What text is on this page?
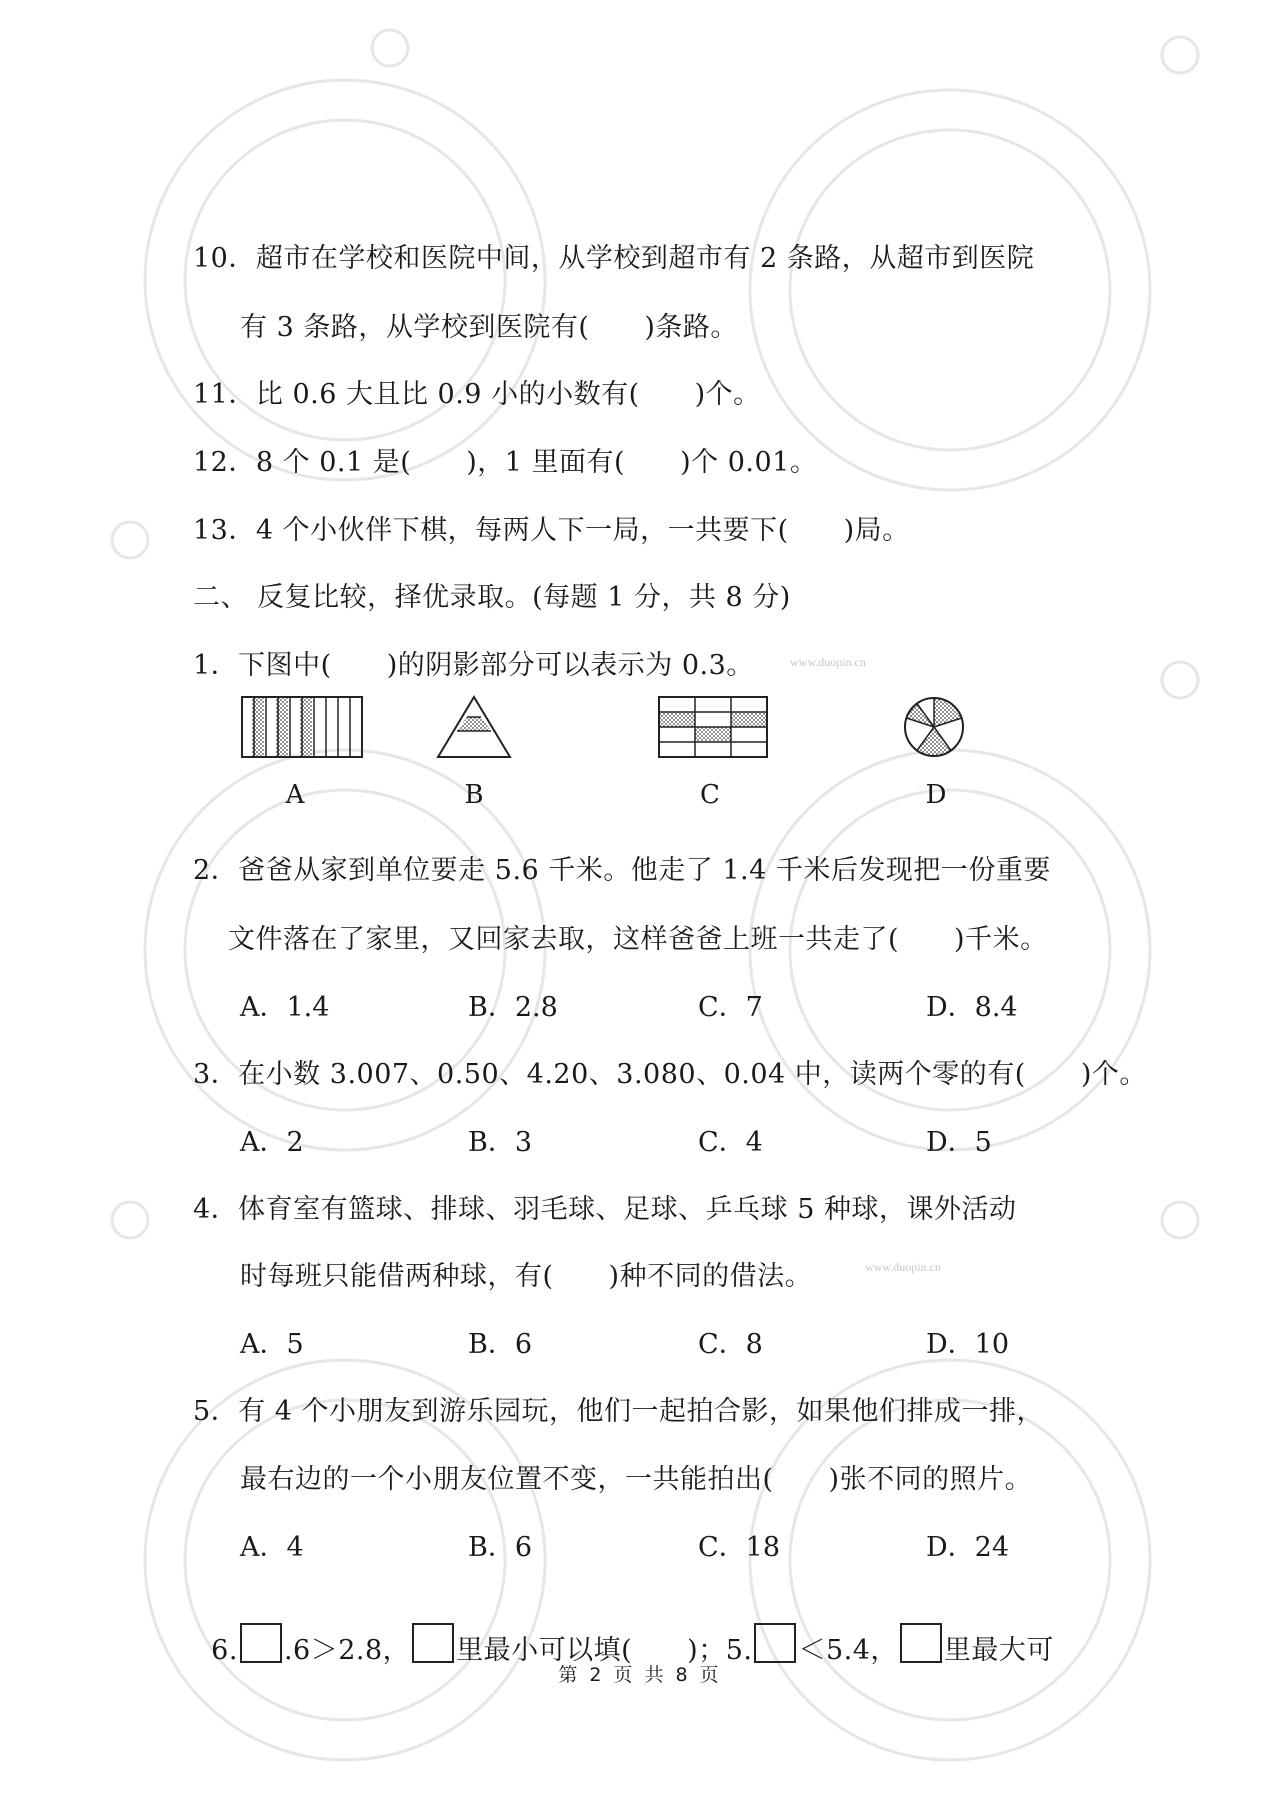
www.duopin.cn
www.duopin.cn
10．超市在学校和医院中间，从学校到超市有 2 条路，从超市到医院
有 3 条路，从学校到医院有(　　)条路。
11．比 0.6 大且比 0.9 小的小数有(　　)个。
12．8 个 0.1 是(　　)，1 里面有(　　)个 0.01。
13．4 个小伙伴下棋，每两人下一局，一共要下(　　)局。
二、 反复比较，择优录取。(每题 1 分，共 8 分)
1．下图中(　　)的阴影部分可以表示为 0.3。
A	B	C	D
2．爸爸从家到单位要走 5.6 千米。他走了 1.4 千米后发现把一份重要
文件落在了家里，又回家去取，这样爸爸上班一共走了(　　)千米。
3．在小数 3.007、0.50、4.20、3.080、0.04 中，读两个零的有(　　)个。
4．体育室有篮球、排球、羽毛球、足球、乒乓球 5 种球，课外活动
时每班只能借两种球，有(　　)种不同的借法。
5．有 4 个小朋友到游乐园玩，他们一起拍合影，如果他们排成一排，
最右边的一个小朋友位置不变，一共能拍出(　　)张不同的照片。
A．1.4	B．2.8	C．7	D．8.4
A．2	B．3	C．4	D．5
A．5	B．6	C．8	D．10
A．4	B．6	C．18	D．24

6. .6＞2.8， 里最小可以填(　　)；5. ＜5.4， 里最大可

第 2 页 共 8 页
